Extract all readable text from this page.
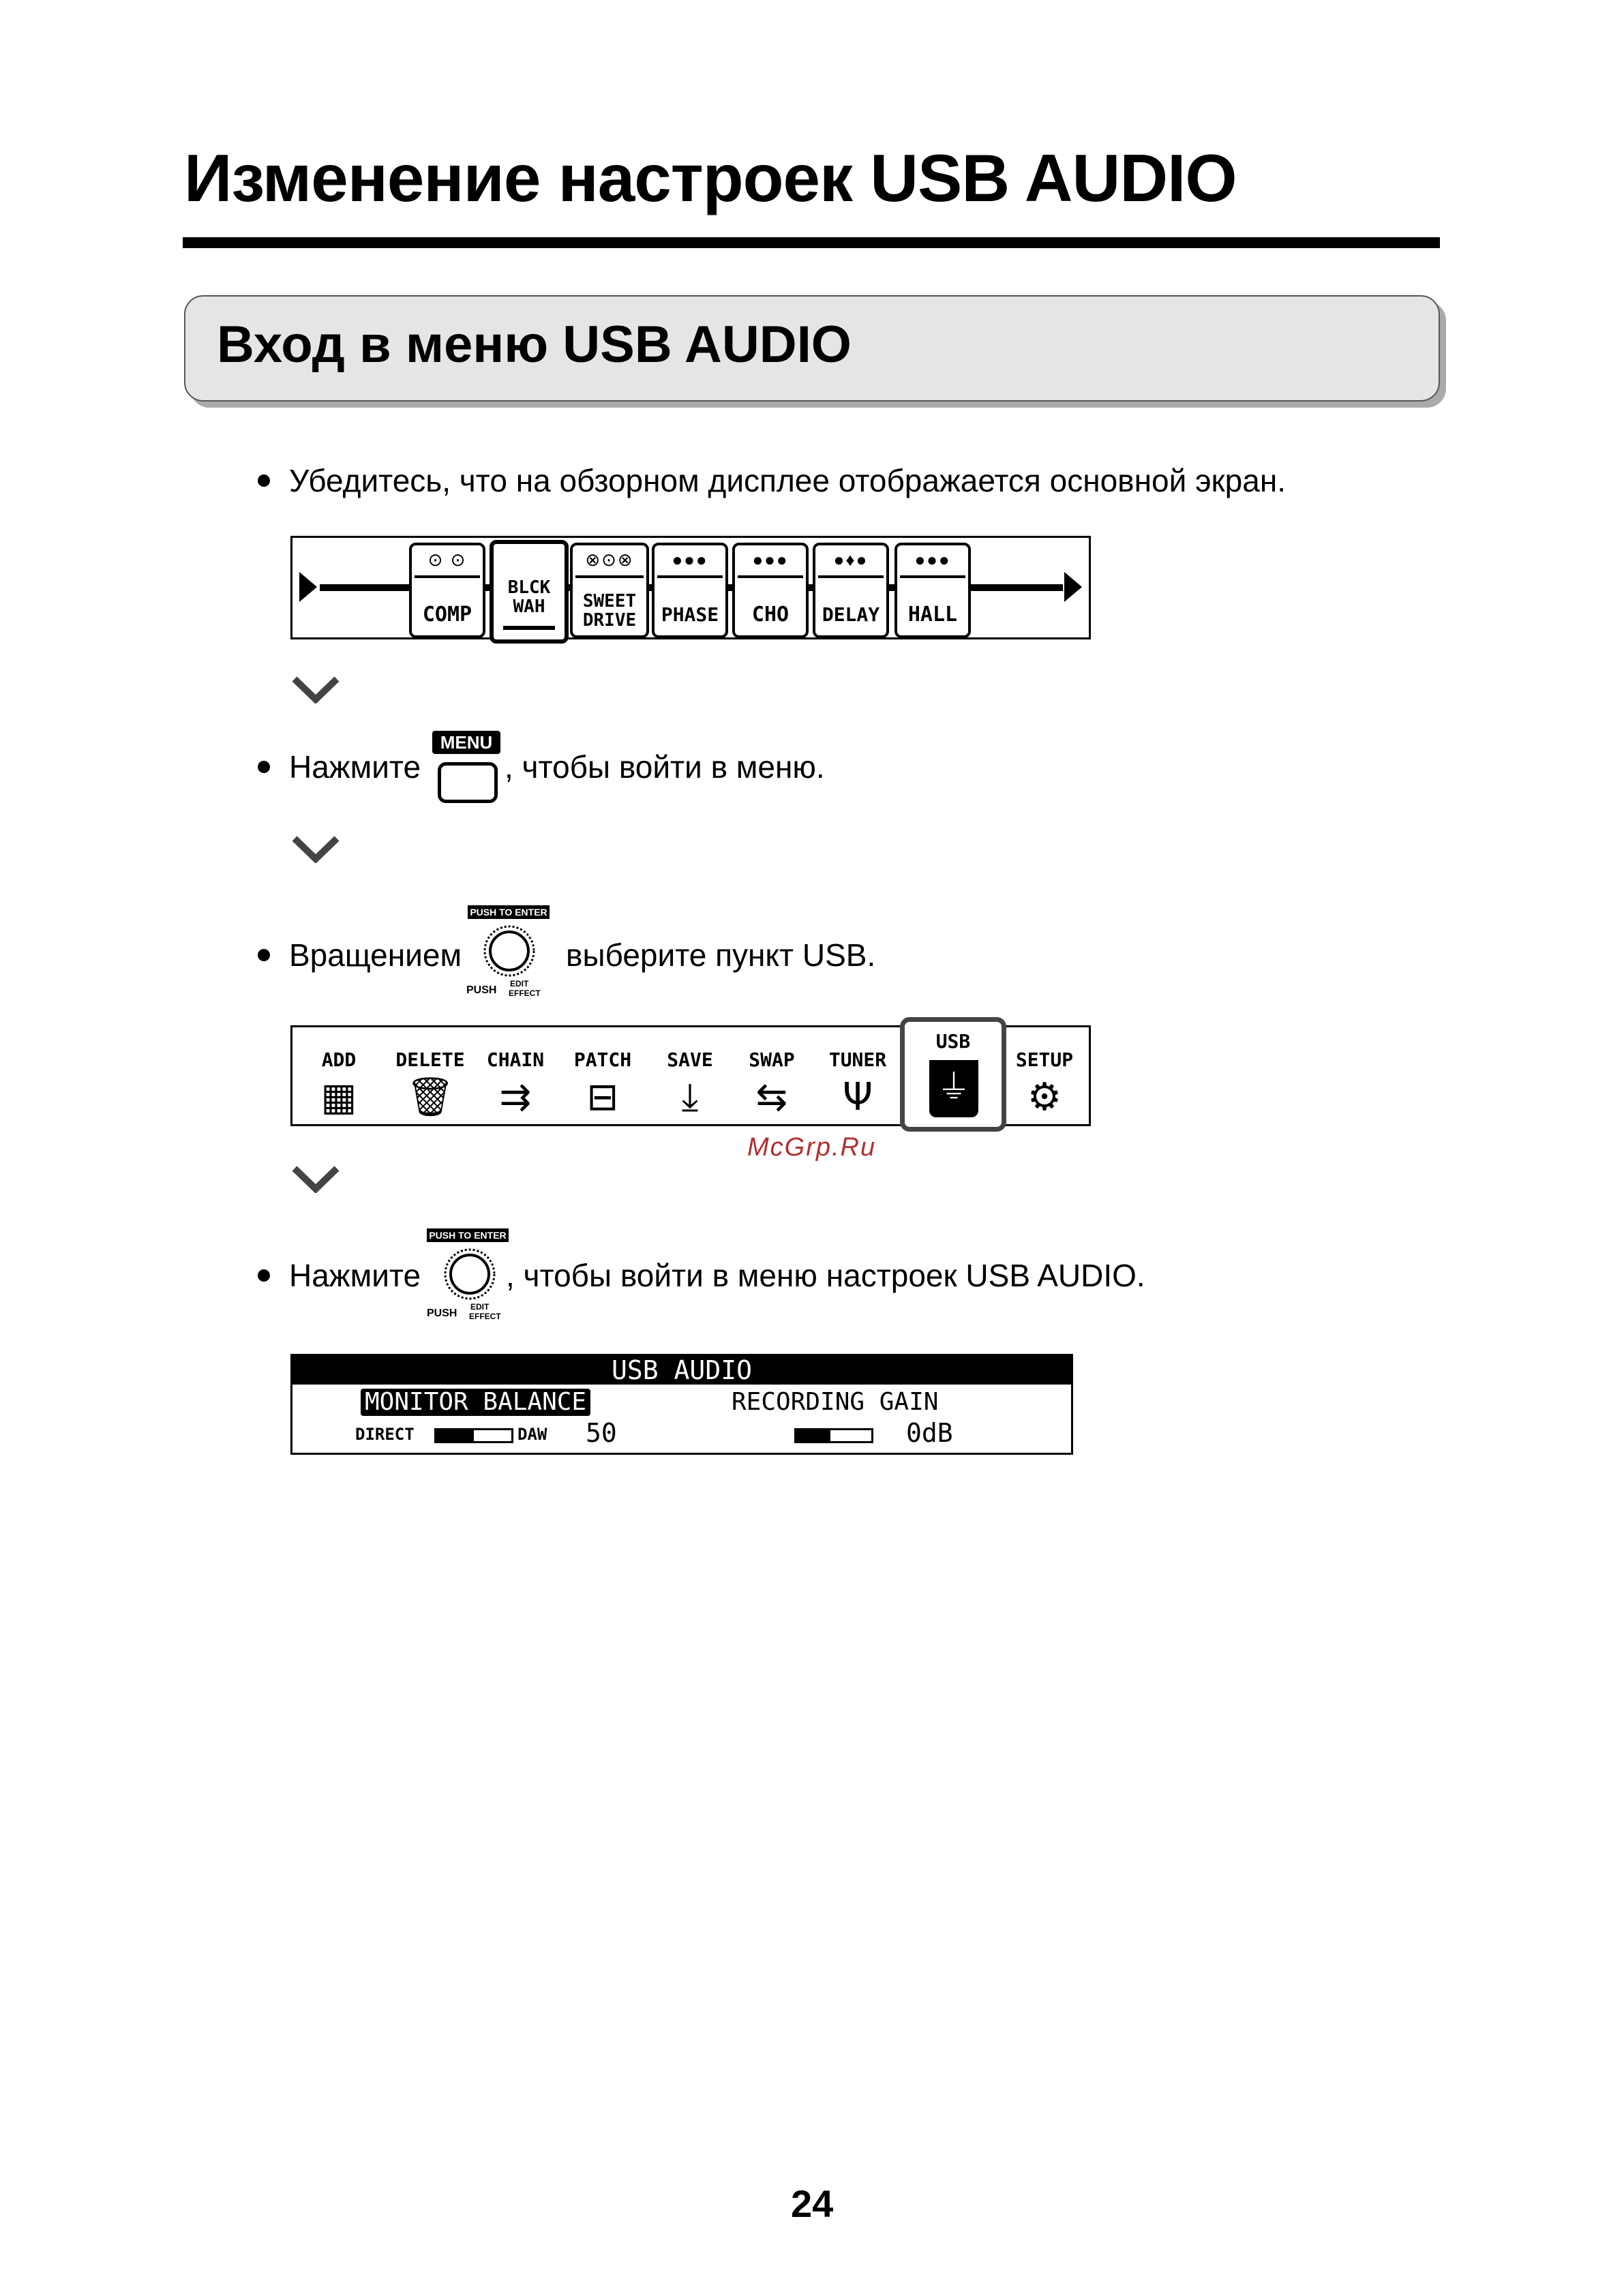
Изменение настроек USB AUDIO
Вход в меню USB AUDIO
Убедитесь, что на обзорном дисплее отображается основной экран.
⊙ ⊙
COMP
BLCK WAH
⊗⊙⊗
SWEET DRIVE
●●●
PHASE
●●●
CHO
●♦●
DELAY
●●●
HALL
Нажмите
MENU
, чтобы войти в меню.
Вращением
PUSH TO ENTER
PUSH
EDIT
EFFECT
выберите пункт USB.
ADD
▦
DELETE
🗑
CHAIN
⇉
PATCH
⊟
SAVE
⤓
SWAP
⇆
TUNER
Ψ
USB
⏚
SETUP
⚙
McGrp.Ru
Нажмите
PUSH TO ENTER
PUSH
EDIT
EFFECT
, чтобы войти в меню настроек USB AUDIO.
USB AUDIO
MONITOR BALANCE	RECORDING GAIN
DIRECT	DAW 50	0dB
24
